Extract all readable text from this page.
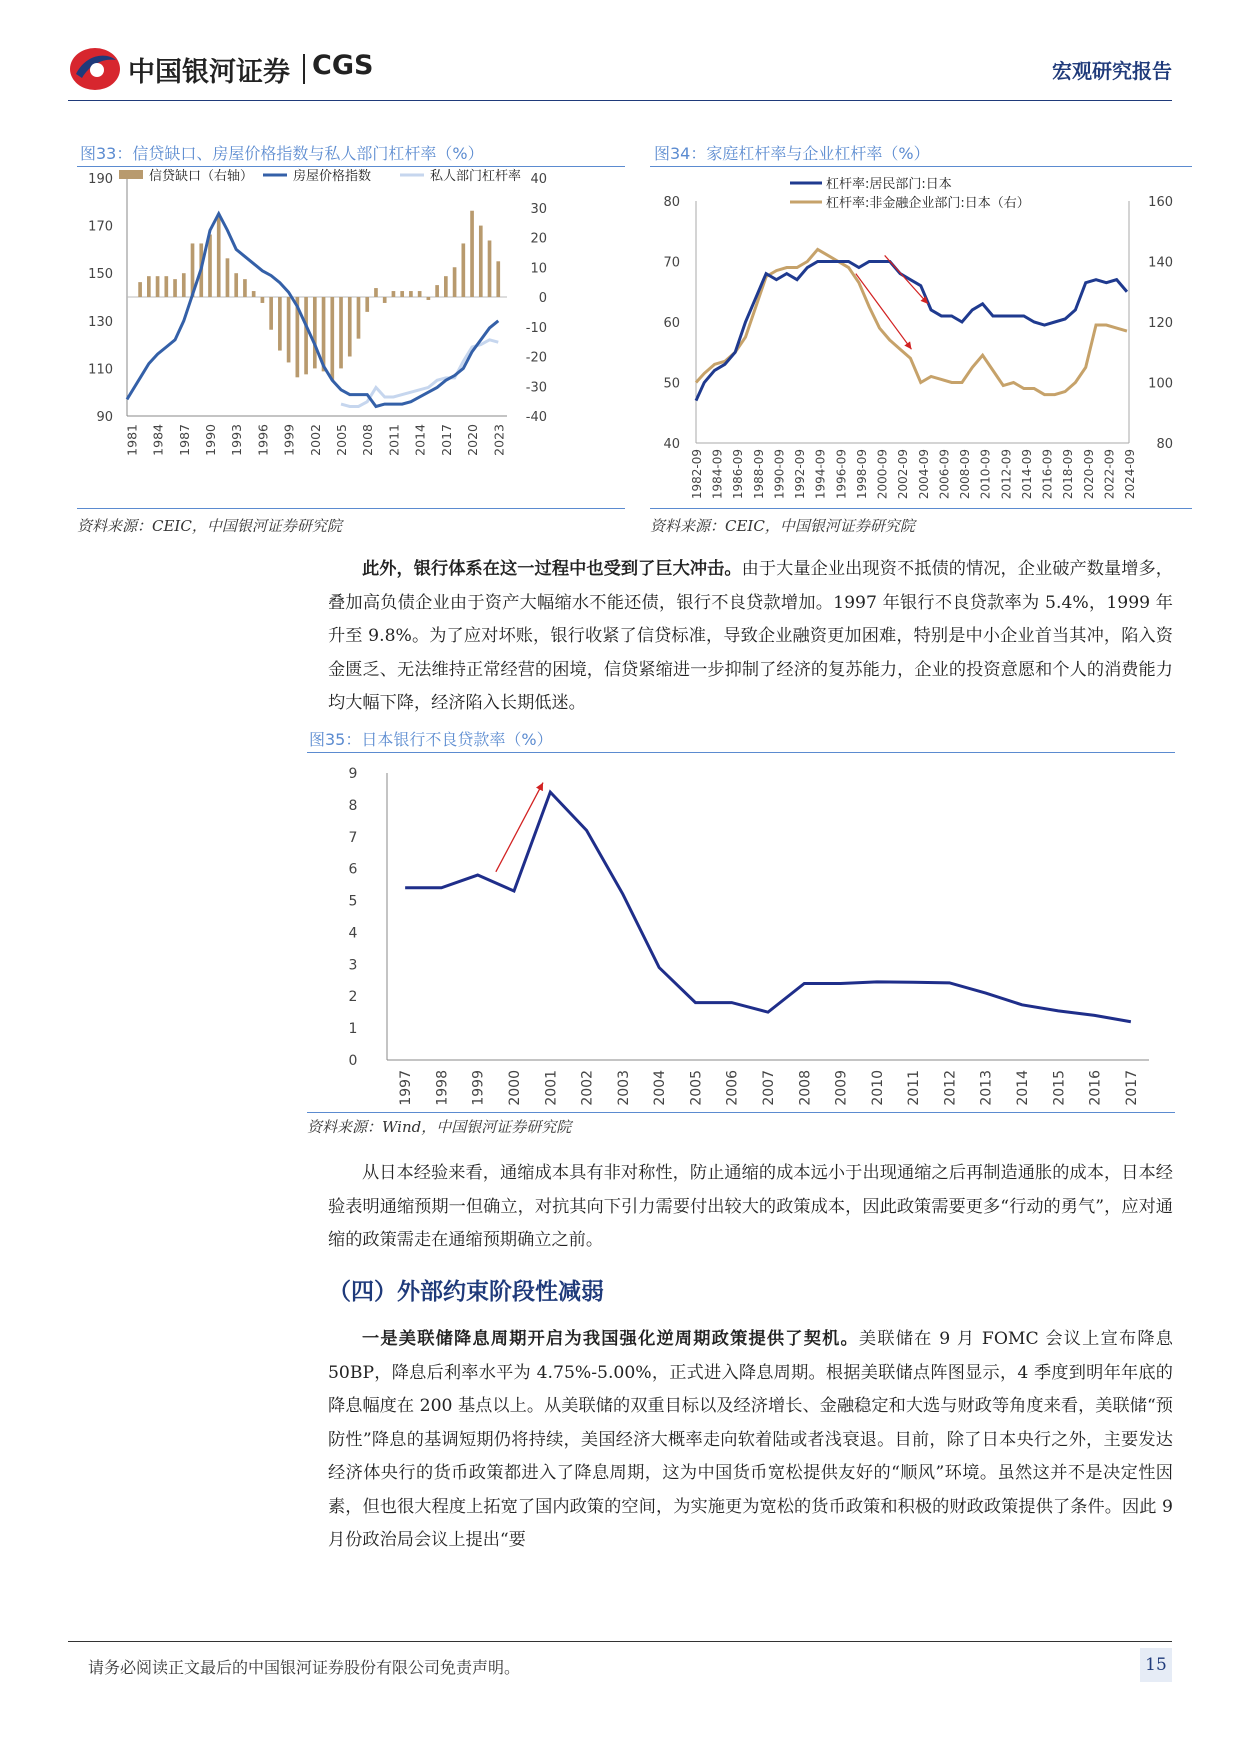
中国银河证券 CGS	宏观研究报告
图33：信贷缺口、房屋价格指数与私人部门杠杆率（%）
190
170
150
130
110
90
40
30
20
10
0
-10
-20
-30
-40
1981 1984 1987 1990 1993 1996 1999 2002 2005 2008 2011 2014 2017 2020 2023
信贷缺口（右轴）	房屋价格指数	私人部门杠杆率
资料来源：CEIC，中国银河证券研究院
图34：家庭杠杆率与企业杠杆率（%）
80
70
60
50
40
160
140
120
100
80
1982-09 1984-09 1986-09 1988-09 1990-09 1992-09 1994-09 1996-09 1998-09 2000-09 2002-09 2004-09 2006-09 2008-09 2010-09 2012-09 2014-09 2016-09 2018-09 2020-09 2022-09 2024-09
杠杆率:居民部门:日本
杠杆率:非金融企业部门:日本（右）
资料来源：CEIC，中国银河证券研究院
此外，银行体系在这一过程中也受到了巨大冲击。由于大量企业出现资不抵债的情况，企业破产数量增多，叠加高负债企业由于资产大幅缩水不能还债，银行不良贷款增加。1997 年银行不良贷款率为 5.4%，1999 年升至 9.8%。为了应对坏账，银行收紧了信贷标准，导致企业融资更加困难，特别是中小企业首当其冲，陷入资金匮乏、无法维持正常经营的困境，信贷紧缩进一步抑制了经济的复苏能力，企业的投资意愿和个人的消费能力均大幅下降，经济陷入长期低迷。
图35：日本银行不良贷款率（%）
0
1
2
3
4
5
6
7
8
9
1997 1998 1999 2000 2001 2002 2003 2004 2005 2006 2007 2008 2009 2010 2011 2012 2013 2014 2015 2016 2017
资料来源：Wind，中国银河证券研究院
从日本经验来看，通缩成本具有非对称性，防止通缩的成本远小于出现通缩之后再制造通胀的成本，日本经验表明通缩预期一但确立，对抗其向下引力需要付出较大的政策成本，因此政策需要更多“行动的勇气”，应对通缩的政策需走在通缩预期确立之前。
（四）外部约束阶段性减弱
一是美联储降息周期开启为我国强化逆周期政策提供了契机。美联储在 9 月 FOMC 会议上宣布降息 50BP，降息后利率水平为 4.75%-5.00%，正式进入降息周期。根据美联储点阵图显示，4 季度到明年年底的降息幅度在 200 基点以上。从美联储的双重目标以及经济增长、金融稳定和大选与财政等角度来看，美联储“预防性”降息的基调短期仍将持续，美国经济大概率走向软着陆或者浅衰退。目前，除了日本央行之外，主要发达经济体央行的货币政策都进入了降息周期，这为中国货币宽松提供友好的“顺风”环境。虽然这并不是决定性因素，但也很大程度上拓宽了国内政策的空间，为实施更为宽松的货币政策和积极的财政政策提供了条件。因此 9 月份政治局会议上提出“要
请务必阅读正文最后的中国银河证券股份有限公司免责声明。	15
